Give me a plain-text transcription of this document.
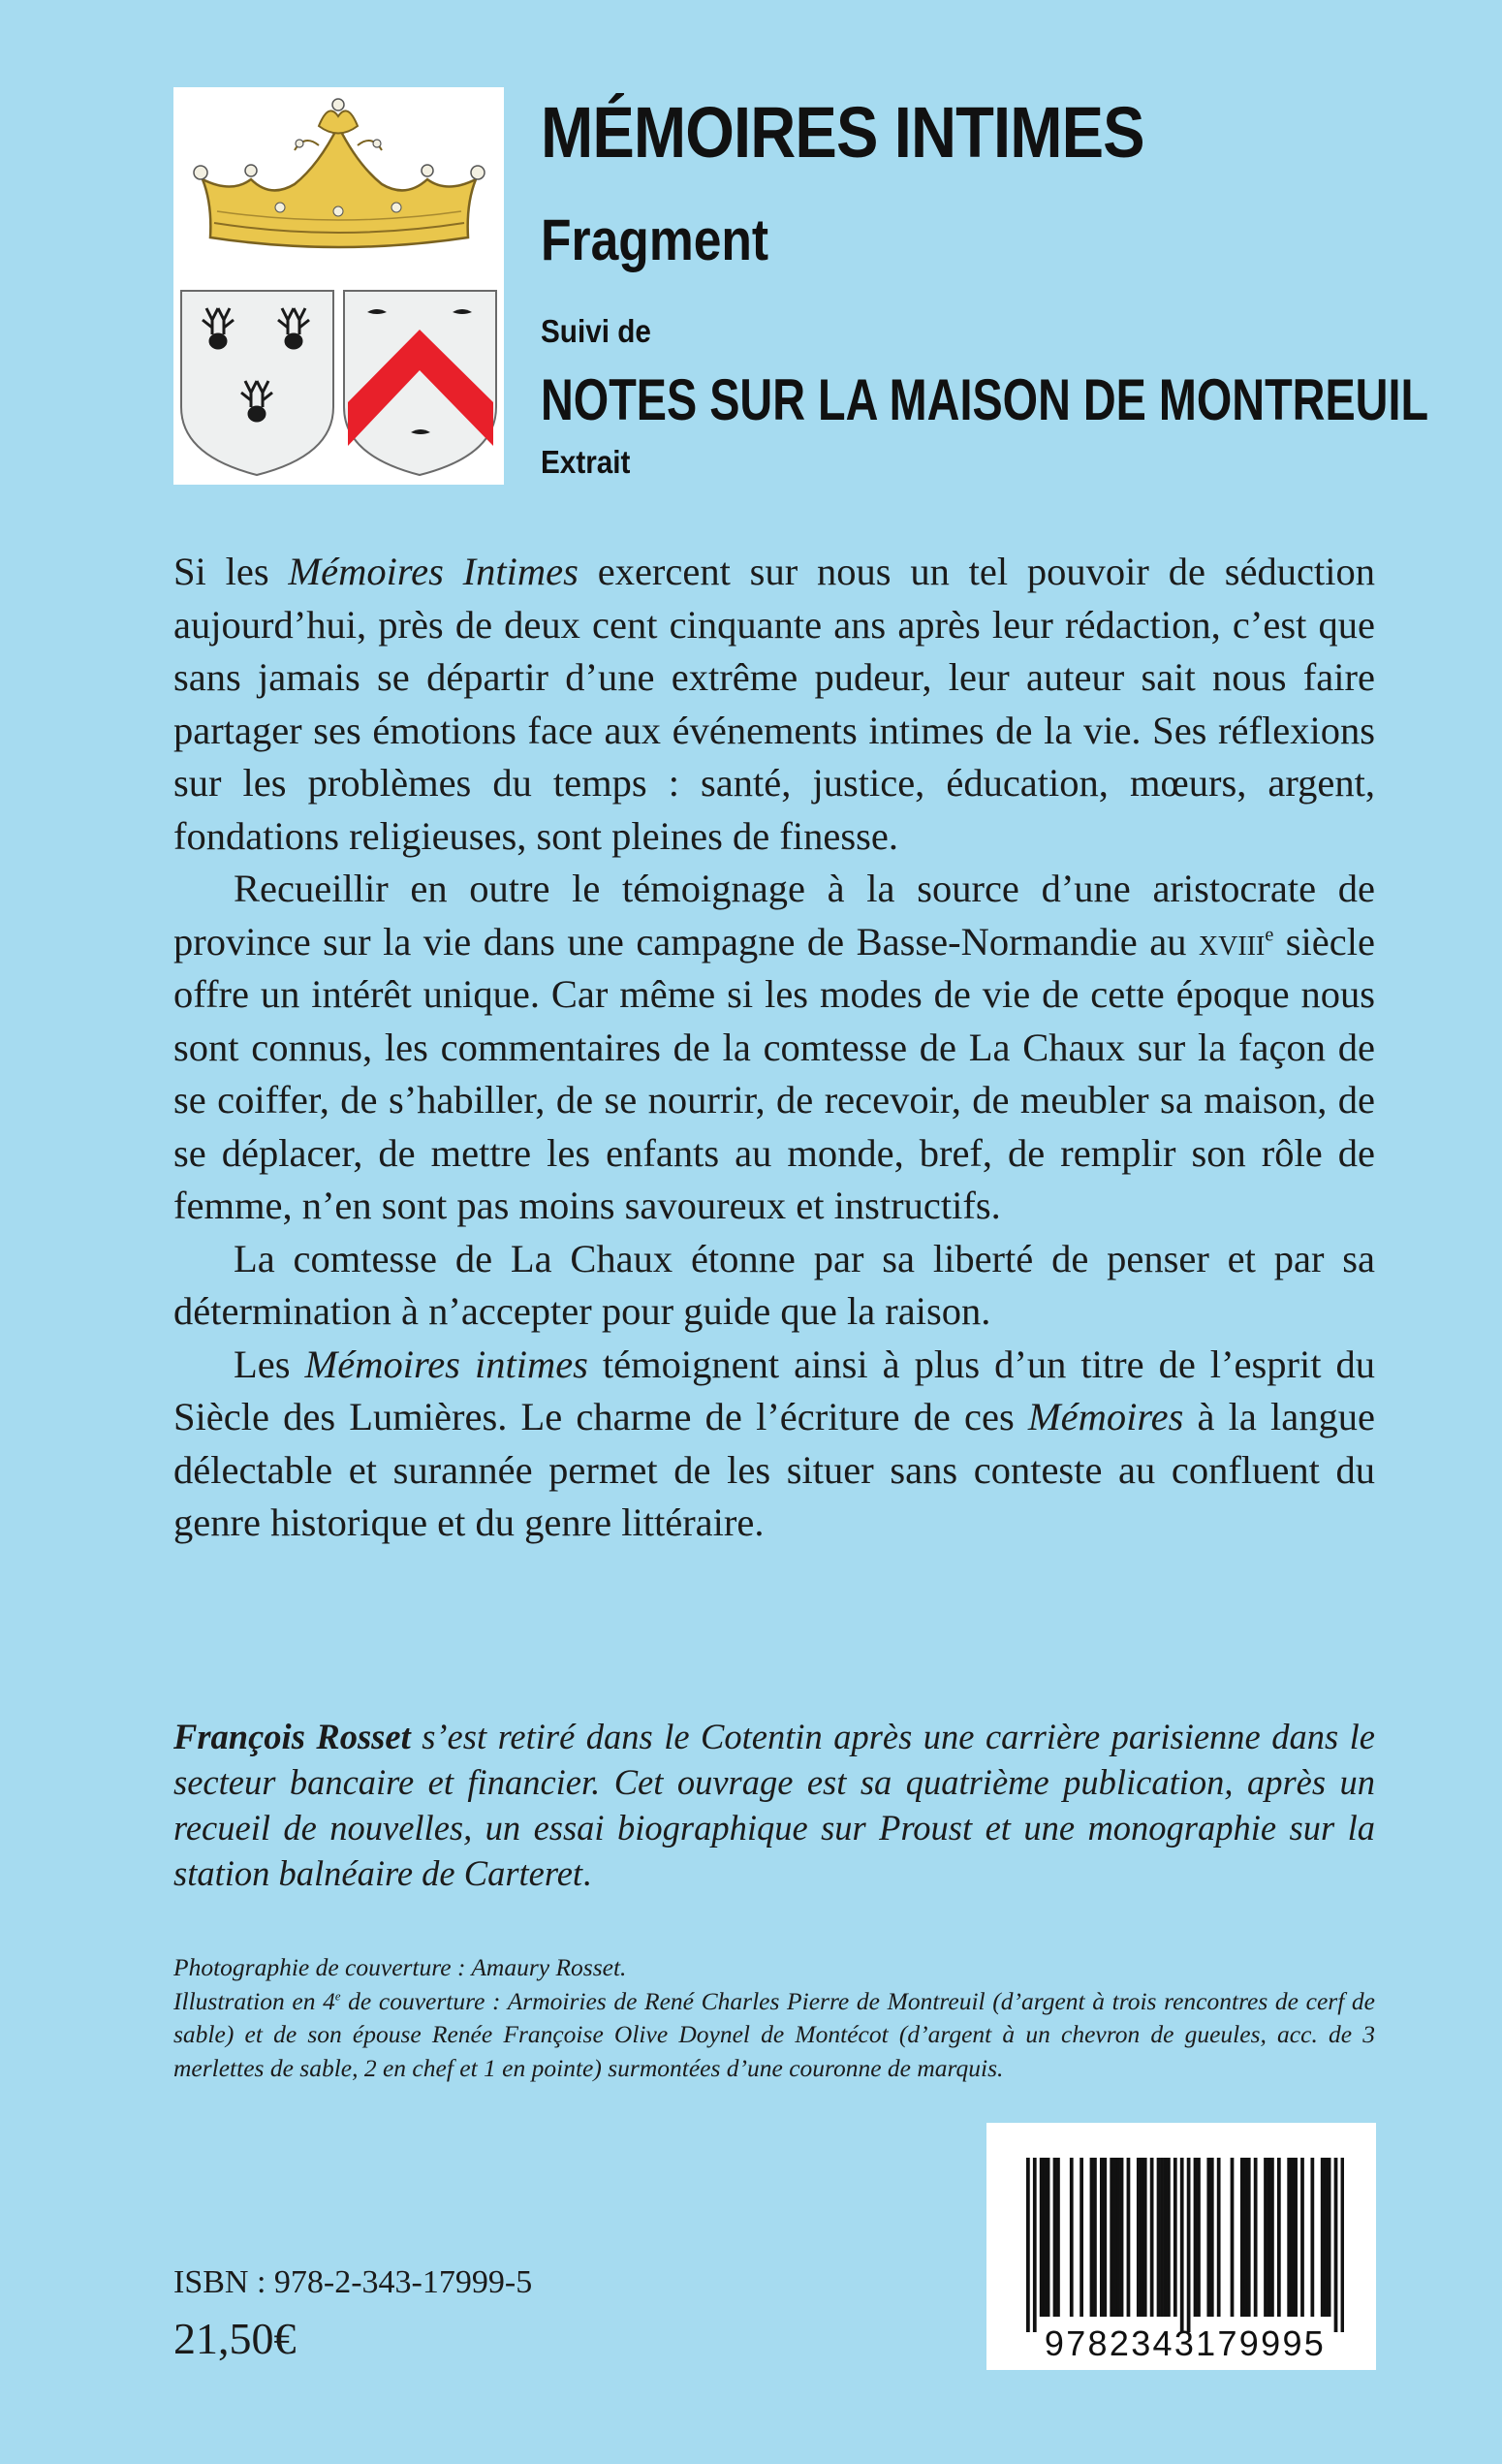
MÉMOIRES INTIMES
Fragment
Suivi de
NOTES SUR LA MAISON DE MONTREUIL
Extrait

Si les Mémoires Intimes exercent sur nous un tel pouvoir de séduction aujourd’hui, près de deux cent cinquante ans après leur rédaction, c’est que sans jamais se départir d’une extrême pudeur, leur auteur sait nous faire partager ses émotions face aux événements intimes de la vie. Ses réflexions sur les problèmes du temps : santé, justice, éducation, mœurs, argent, fondations religieuses, sont pleines de finesse.

Recueillir en outre le témoignage à la source d’une aristocrate de province sur la vie dans une campagne de Basse-Normandie au xviii$^e$ siècle offre un intérêt unique. Car même si les modes de vie de cette époque nous sont connus, les commentaires de la comtesse de La Chaux sur la façon de se coiffer, de s’habiller, de se nourrir, de recevoir, de meubler sa maison, de se déplacer, de mettre les enfants au monde, bref, de remplir son rôle de femme, n’en sont pas moins savoureux et instructifs.

La comtesse de La Chaux étonne par sa liberté de penser et par sa détermination à n’accepter pour guide que la raison.

Les Mémoires intimes témoignent ainsi à plus d’un titre de l’esprit du Siècle des Lumières. Le charme de l’écriture de ces Mémoires à la langue délectable et surannée permet de les situer sans conteste au confluent du genre historique et du genre littéraire.

François Rosset s’est retiré dans le Cotentin après une carrière parisienne dans le secteur bancaire et financier. Cet ouvrage est sa quatrième publication, après un recueil de nouvelles, un essai biographique sur Proust et une monographie sur la station balnéaire de Carteret.

Photographie de couverture : Amaury Rosset.

Illustration en 4e de couverture : Armoiries de René Charles Pierre de Montreuil (d’argent à trois rencontres de cerf de sable) et de son épouse Renée Françoise Olive Doynel de Montécot (d’argent à un chevron de gueules, acc. de 3 merlettes de sable, 2 en chef et 1 en pointe) surmontées d’une couronne de marquis.

ISBN : 978-2-343-17999-5
21,50€	9782343179995
